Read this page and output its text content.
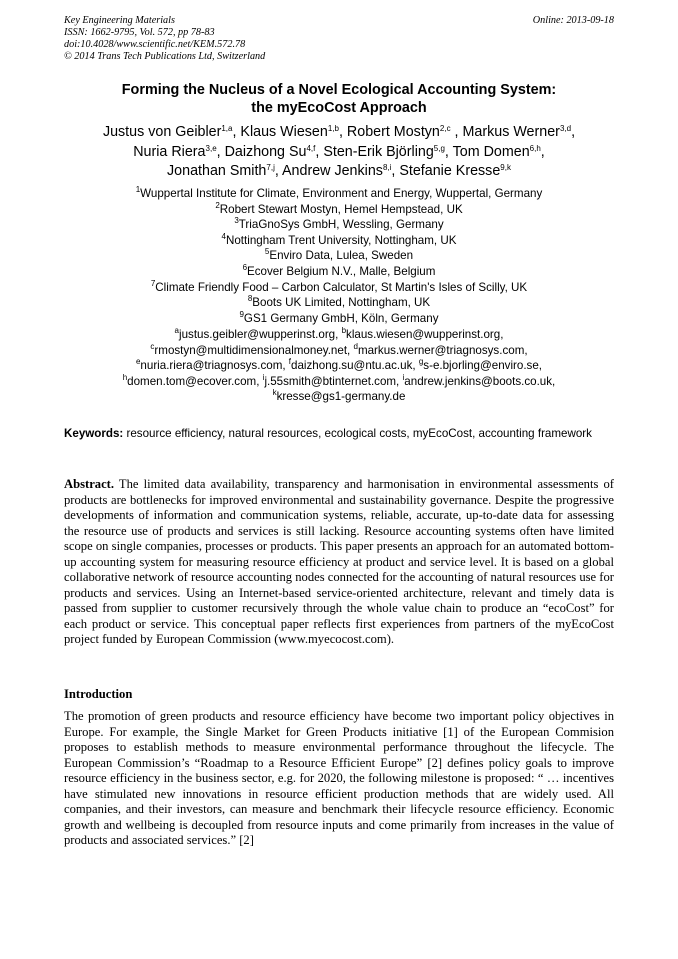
Key Engineering Materials
ISSN: 1662-9795, Vol. 572, pp 78-83
doi:10.4028/www.scientific.net/KEM.572.78
© 2014 Trans Tech Publications Ltd, Switzerland
Online: 2013-09-18
Forming the Nucleus of a Novel Ecological Accounting System:
the myEcoCost Approach
Justus von Geibler$^{1,a}$, Klaus Wiesen$^{1,b}$, Robert Mostyn$^{2,c}$ , Markus Werner$^{3,d}$,
Nuria Riera$^{3,e}$, Daizhong Su$^{4,f}$, Sten-Erik Björling$^{5,g}$, Tom Domen$^{6,h}$,
Jonathan Smith$^{7,j}$, Andrew Jenkins$^{8,i}$, Stefanie Kresse$^{9,k}$
$^1$Wuppertal Institute for Climate, Environment and Energy, Wuppertal, Germany
$^2$Robert Stewart Mostyn, Hemel Hempstead, UK
$^3$TriaGnoSys GmbH, Wessling, Germany
$^4$Nottingham Trent University, Nottingham, UK
$^5$Enviro Data, Lulea, Sweden
$^6$Ecover Belgium N.V., Malle, Belgium
$^7$Climate Friendly Food – Carbon Calculator, St Martin's Isles of Scilly, UK
$^8$Boots UK Limited, Nottingham, UK
$^9$GS1 Germany GmbH, Köln, Germany
$^a$justus.geibler@wupperinst.org, $^b$klaus.wiesen@wupperinst.org,
$^c$rmostyn@multidimensionalmoney.net, $^d$markus.werner@triagnosys.com,
$^e$nuria.riera@triagnosys.com, $^f$daizhong.su@ntu.ac.uk, $^g$s-e.bjorling@enviro.se,
$^h$domen.tom@ecover.com, $^i$j.55smith@btinternet.com, $^i$andrew.jenkins@boots.co.uk,
$^k$kresse@gs1-germany.de
Keywords: resource efficiency, natural resources, ecological costs, myEcoCost, accounting framework
Abstract. The limited data availability, transparency and harmonisation in environmental assessments of products are bottlenecks for improved environmental and sustainability governance. Despite the progressive developments of information and communication systems, reliable, accurate, up-to-date data for assessing the resource use of products and services is still lacking. Resource accounting systems often have limited scope on single companies, processes or products. This paper presents an approach for an automated bottom-up accounting system for measuring resource efficiency at product and service level. It is based on a global collaborative network of resource accounting nodes connected for the accounting of natural resources use for products and services. Using an Internet-based service-oriented architecture, relevant and timely data is passed from supplier to customer recursively through the whole value chain to produce an “ecoCost” for each product or service. This conceptual paper reflects first experiences from partners of the myEcoCost project funded by European Commission (www.myecocost.com).
Introduction
The promotion of green products and resource efficiency have become two important policy objectives in Europe. For example, the Single Market for Green Products initiative [1] of the European Commision proposes to establish methods to measure environmental performance throughout the lifecycle. The European Commission’s “Roadmap to a Resource Efficient Europe” [2] defines policy goals to improve resource efficiency in the business sector, e.g. for 2020, the following milestone is proposed: “ … incentives have stimulated new innovations in resource efficient production methods that are widely used. All companies, and their investors, can measure and benchmark their lifecycle resource efficiency. Economic growth and wellbeing is decoupled from resource inputs and come primarily from increases in the value of products and associated services.” [2]
